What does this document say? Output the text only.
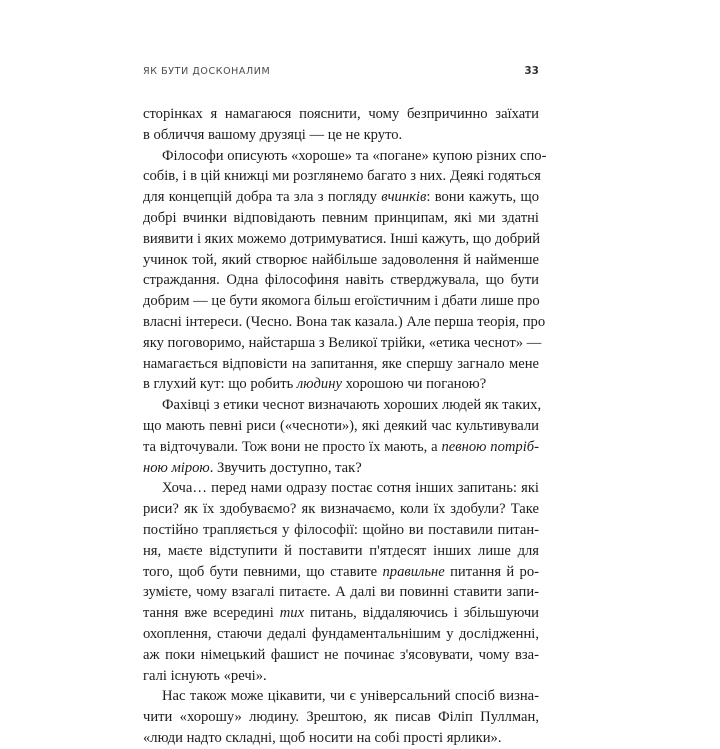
ЯК БУТИ ДОСКОНАЛИМ	33
сторінках я намагаюся пояснити, чому безпричинно заїхати
в обличчя вашому друзяці — це не круто.
Філософи описують «хороше» та «погане» купою різних спо-
собів, і в цій книжці ми розглянемо багато з них. Деякі годяться
для концепцій добра та зла з погляду вчинків: вони кажуть, що
добрі вчинки відповідають певним принципам, які ми здатні
виявити і яких можемо дотримуватися. Інші кажуть, що добрий
учинок той, який створює найбільше задоволення й найменше
страждання. Одна філософиня навіть стверджувала, що бути
добрим — це бути якомога більш егоїстичним і дбати лише про
власні інтереси. (Чесно. Вона так казала.) Але перша теорія, про
яку поговоримо, найстарша з Великої трійки, «етика чеснот» —
намагається відповісти на запитання, яке спершу загнало мене
в глухий кут: що робить людину хорошою чи поганою?
Фахівці з етики чеснот визначають хороших людей як таких,
що мають певні риси («чесноти»), які деякий час культивували
та відточували. Тож вони не просто їх мають, а певною потріб-
ною мірою. Звучить доступно, так?
Хоча… перед нами одразу постає сотня інших запитань: які
риси? як їх здобуваємо? як визначаємо, коли їх здобули? Таке
постійно трапляється у філософії: щойно ви поставили питан-
ня, маєте відступити й поставити п'ятдесят інших лише для
того, щоб бути певними, що ставите правильне питання й ро-
зумієте, чому взагалі питаєте. А далі ви повинні ставити запи-
тання вже всередині тих питань, віддаляючись і збільшуючи
охоплення, стаючи дедалі фундаментальнішим у дослідженні,
аж поки німецький фашист не починає з'ясовувати, чому взa-
галі існують «речі».
Нас також може цікавити, чи є універсальний спосіб визна-
чити «хорошу» людину. Зрештою, як писав Філіп Пуллман,
«люди надто складні, щоб носити на собі прості ярлики».
